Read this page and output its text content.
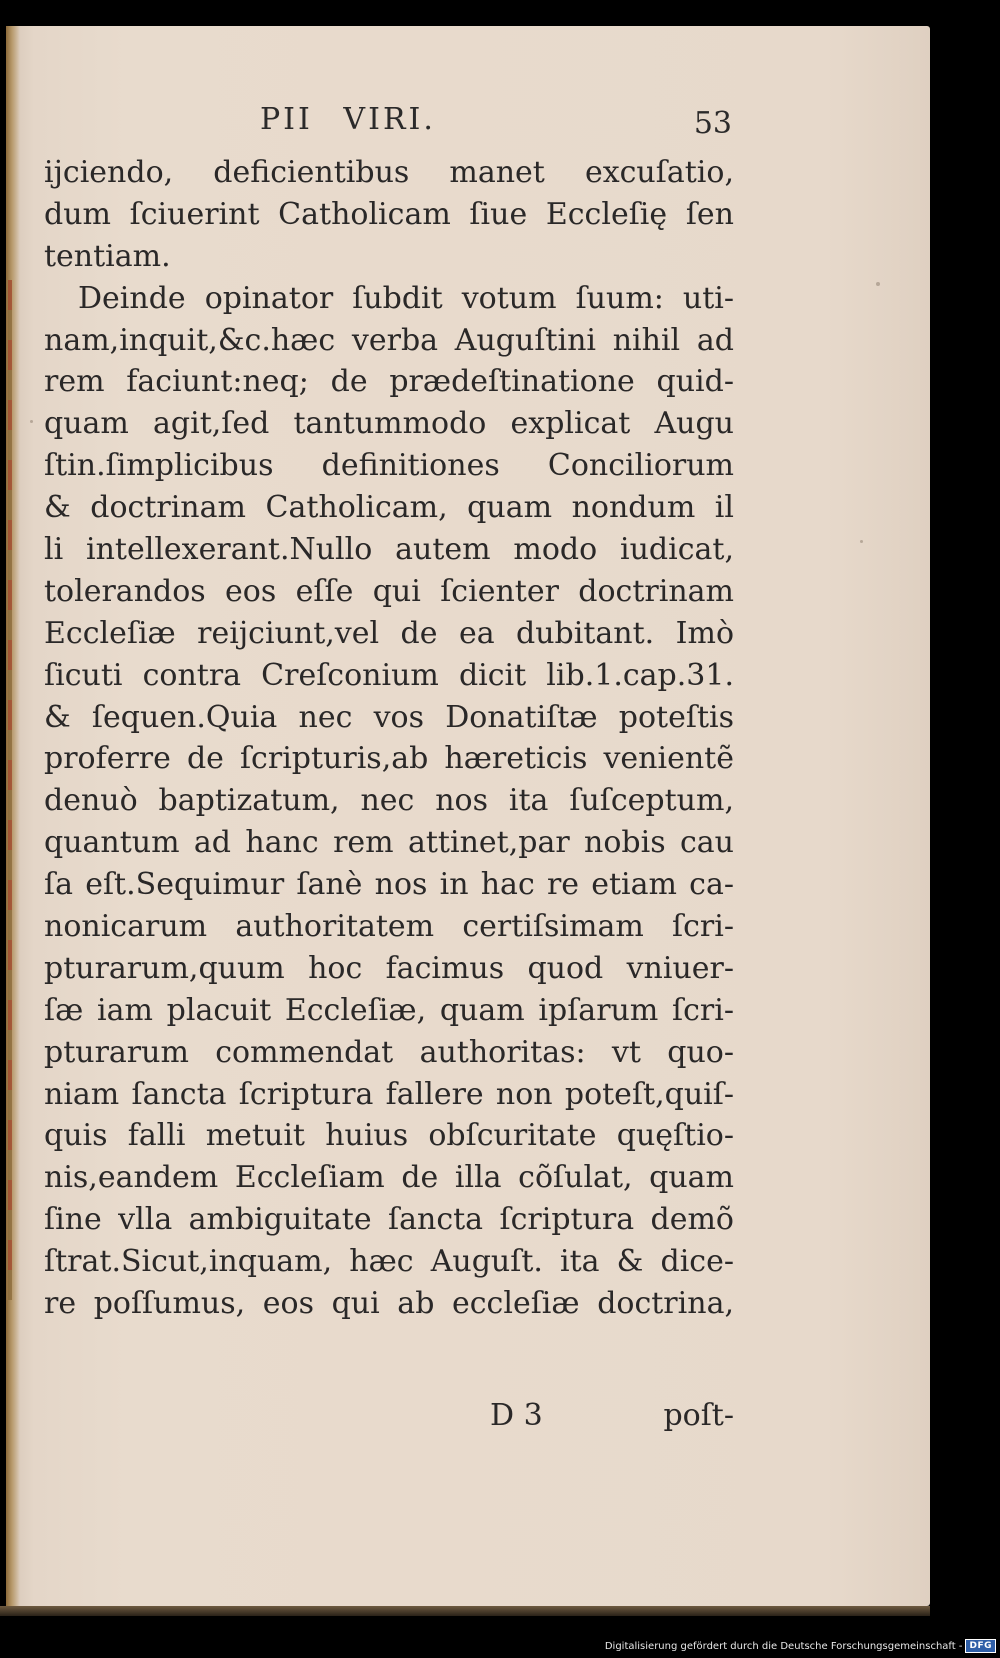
PII VIRI.	53
ijciendo, deficientibus manet excuſatio,
dum ſciuerint Catholicam ſiue Eccleſię ſen
tentiam.
Deinde opinator ſubdit votum ſuum: uti-
nam,inquit,&c.hæc verba Auguſtini nihil ad
rem faciunt:neq; de prædeſtinatione quid-
quam agit,ſed tantummodo explicat Augu
ſtin.ſimplicibus definitiones Conciliorum
& doctrinam Catholicam, quam nondum il
li intellexerant.Nullo autem modo iudicat,
tolerandos eos eſſe qui ſcienter doctrinam
Eccleſiæ reijciunt,vel de ea dubitant. Imò
ſicuti contra Creſconium dicit lib.1.cap.31.
& ſequen.Quia nec vos Donatiſtæ poteſtis
proferre de ſcripturis,ab hæreticis venientẽ
denuò baptizatum, nec nos ita ſuſceptum,
quantum ad hanc rem attinet,par nobis cau
ſa eſt.Sequimur ſanè nos in hac re etiam ca-
nonicarum authoritatem certiſsimam ſcri-
pturarum,quum hoc facimus quod vniuer-
ſæ iam placuit Eccleſiæ, quam ipſarum ſcri-
pturarum commendat authoritas: vt quo-
niam ſancta ſcriptura fallere non poteſt,quiſ-
quis falli metuit huius obſcuritate quęſtio-
nis,eandem Eccleſiam de illa cõſulat, quam
ſine vlla ambiguitate ſancta ſcriptura demõ
ſtrat.Sicut,inquam, hæc Auguſt. ita & dice-
re poſſumus, eos qui ab eccleſiæ doctrina,
D 3	poſt-
Digitalisierung gefördert durch die Deutsche Forschungsgemeinschaft - DFG
